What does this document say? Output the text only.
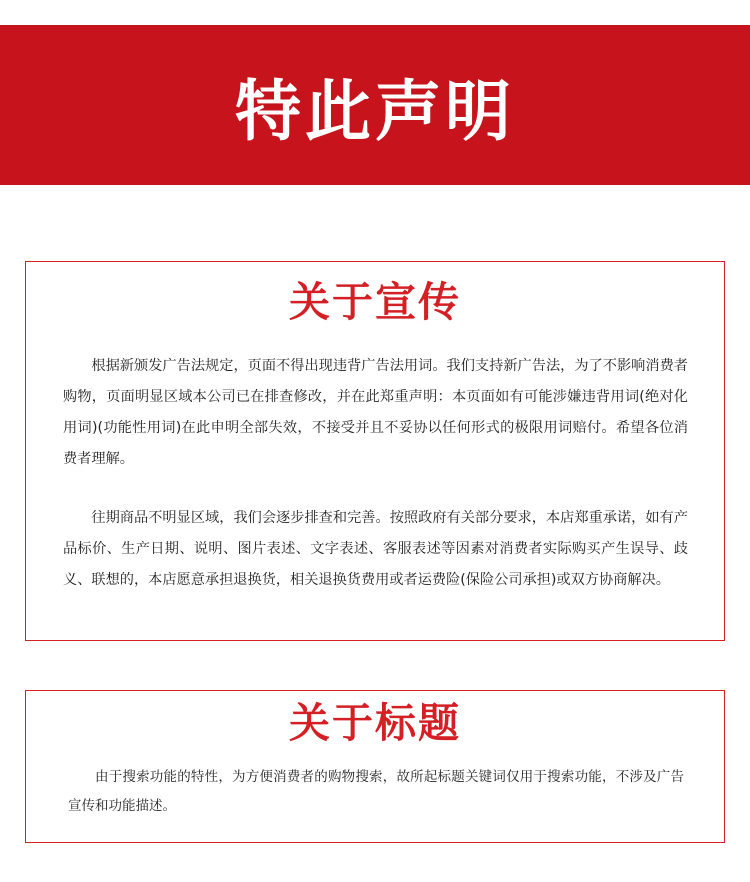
特此声明
关于宣传

根据新颁发广告法规定，页面不得出现违背广告法用词。我们支持新广告法，为了不影响消费者购物，页面明显区域本公司已在排查修改，并在此郑重声明：本页面如有可能涉嫌违背用词(绝对化用词)(功能性用词)在此申明全部失效，不接受并且不妥协以任何形式的极限用词赔付。希望各位消费者理解。

往期商品不明显区域，我们会逐步排查和完善。按照政府有关部分要求，本店郑重承诺，如有产品标价、生产日期、说明、图片表述、文字表述、客服表述等因素对消费者实际购买产生误导、歧义、联想的，本店愿意承担退换货，相关退换货费用或者运费险(保险公司承担)或双方协商解决。

关于标题

由于搜索功能的特性，为方便消费者的购物搜索，故所起标题关键词仅用于搜索功能，不涉及广告宣传和功能描述。
